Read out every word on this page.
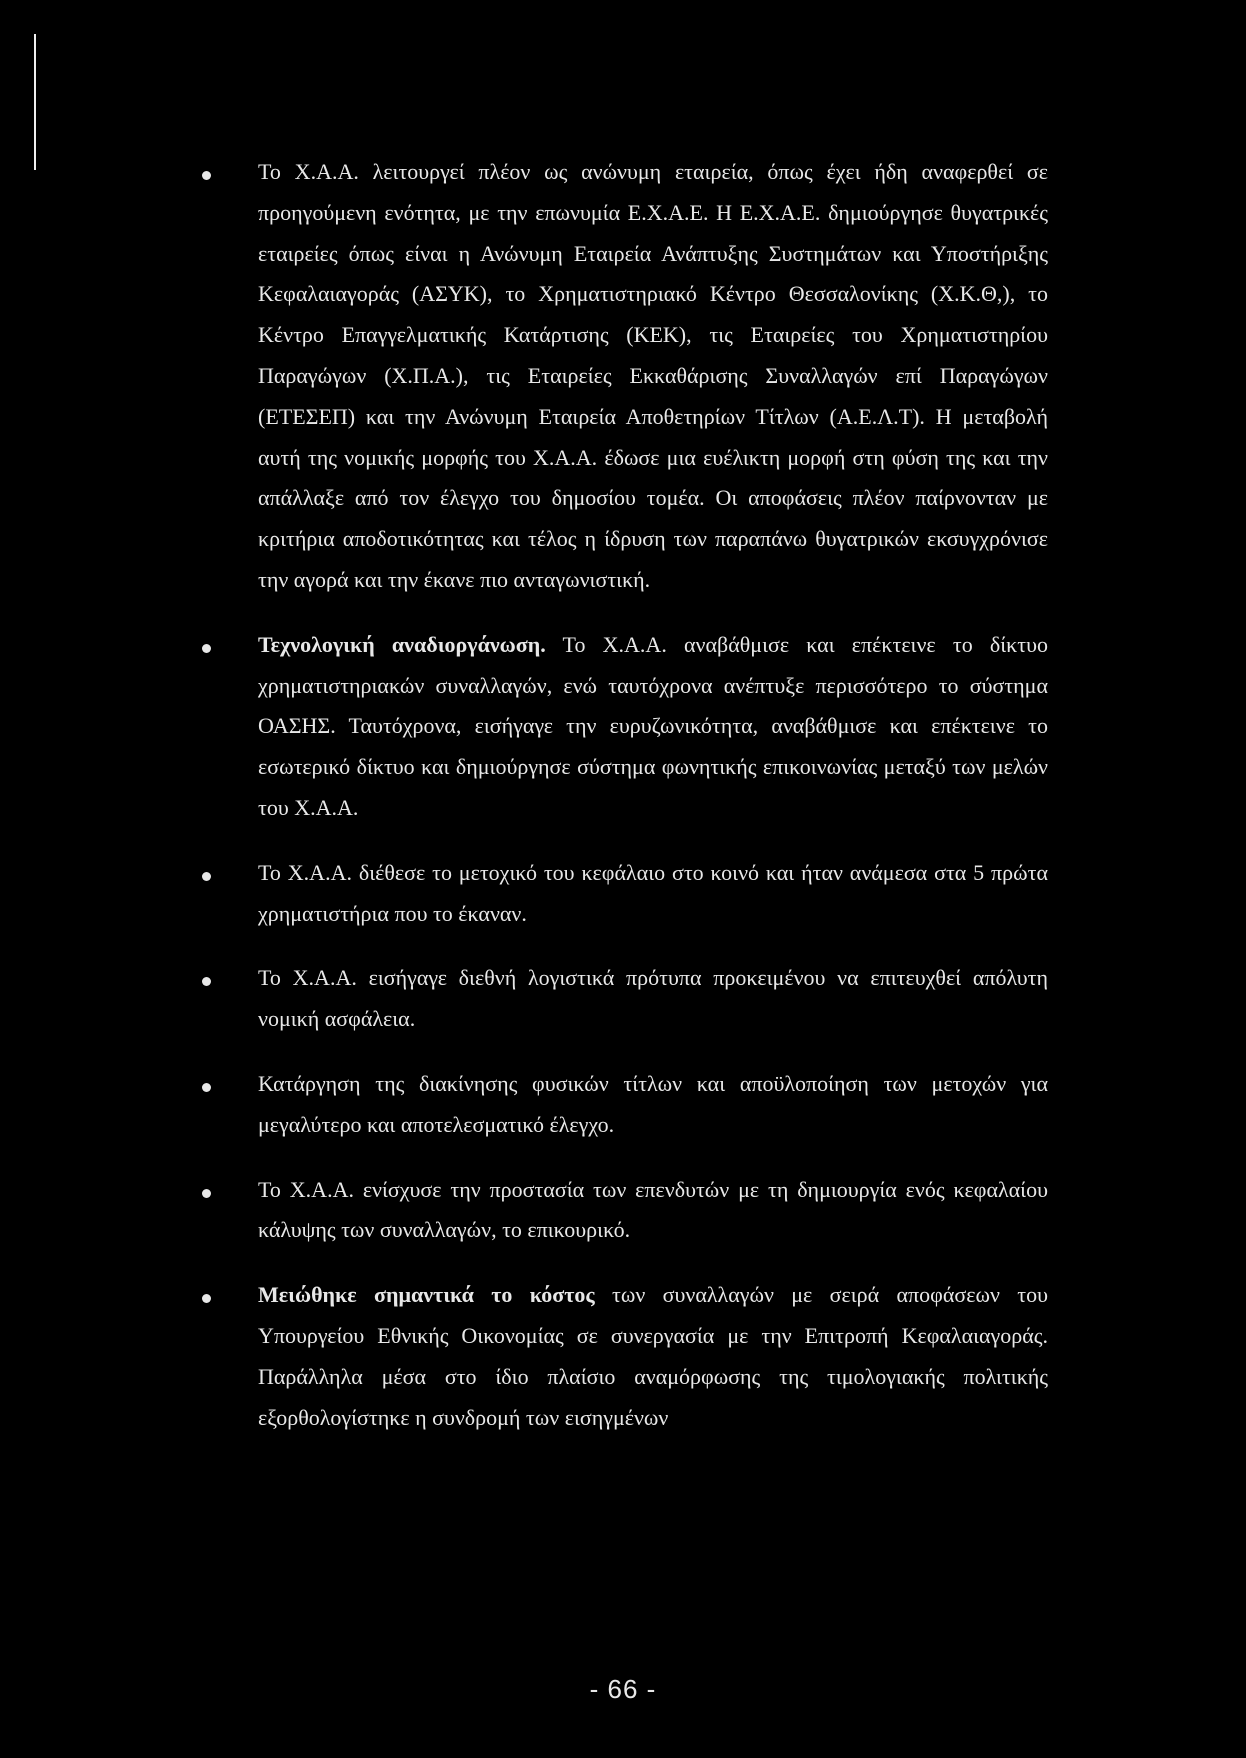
Το Χ.Α.Α. λειτουργεί πλέον ως ανώνυμη εταιρεία, όπως έχει ήδη αναφερθεί σε προηγούμενη ενότητα, με την επωνυμία Ε.Χ.Α.Ε. Η Ε.Χ.Α.Ε. δημιούργησε θυγατρικές εταιρείες όπως είναι η Ανώνυμη Εταιρεία Ανάπτυξης Συστημάτων και Υποστήριξης Κεφαλαιαγοράς (ΑΣΥΚ), το Χρηματιστηριακό Κέντρο Θεσσαλονίκης (Χ.Κ.Θ,), το Κέντρο Επαγγελματικής Κατάρτισης (ΚΕΚ), τις Εταιρείες του Χρηματιστηρίου Παραγώγων (Χ.Π.Α.), τις Εταιρείες Εκκαθάρισης Συναλλαγών επί Παραγώγων (ΕΤΕΣΕΠ) και την Ανώνυμη Εταιρεία Αποθετηρίων Τίτλων (Α.Ε.Λ.Τ). Η μεταβολή αυτή της νομικής μορφής του Χ.Α.Α. έδωσε μια ευέλικτη μορφή στη φύση της και την απάλλαξε από τον έλεγχο του δημοσίου τομέα. Οι αποφάσεις πλέον παίρνονταν με κριτήρια αποδοτικότητας και τέλος η ίδρυση των παραπάνω θυγατρικών εκσυγχρόνισε την αγορά και την έκανε πιο ανταγωνιστική.

Τεχνολογική αναδιοργάνωση. Το Χ.Α.Α. αναβάθμισε και επέκτεινε το δίκτυο χρηματιστηριακών συναλλαγών, ενώ ταυτόχρονα ανέπτυξε περισσότερο το σύστημα ΟΑΣΗΣ. Ταυτόχρονα, εισήγαγε την ευρυζωνικότητα, αναβάθμισε και επέκτεινε το εσωτερικό δίκτυο και δημιούργησε σύστημα φωνητικής επικοινωνίας μεταξύ των μελών του Χ.Α.Α.

Το Χ.Α.Α. διέθεσε το μετοχικό του κεφάλαιο στο κοινό και ήταν ανάμεσα στα 5 πρώτα χρηματιστήρια που το έκαναν.

Το Χ.Α.Α. εισήγαγε διεθνή λογιστικά πρότυπα προκειμένου να επιτευχθεί απόλυτη νομική ασφάλεια.

Κατάργηση της διακίνησης φυσικών τίτλων και αποϋλοποίηση των μετοχών για μεγαλύτερο και αποτελεσματικό έλεγχο.

Το Χ.Α.Α. ενίσχυσε την προστασία των επενδυτών με τη δημιουργία ενός κεφαλαίου κάλυψης των συναλλαγών, το επικουρικό.

Μειώθηκε σημαντικά το κόστος των συναλλαγών με σειρά αποφάσεων του Υπουργείου Εθνικής Οικονομίας σε συνεργασία με την Επιτροπή Κεφαλαιαγοράς. Παράλληλα μέσα στο ίδιο πλαίσιο αναμόρφωσης της τιμολογιακής πολιτικής εξορθολογίστηκε η συνδρομή των εισηγμένων

- 66 -
